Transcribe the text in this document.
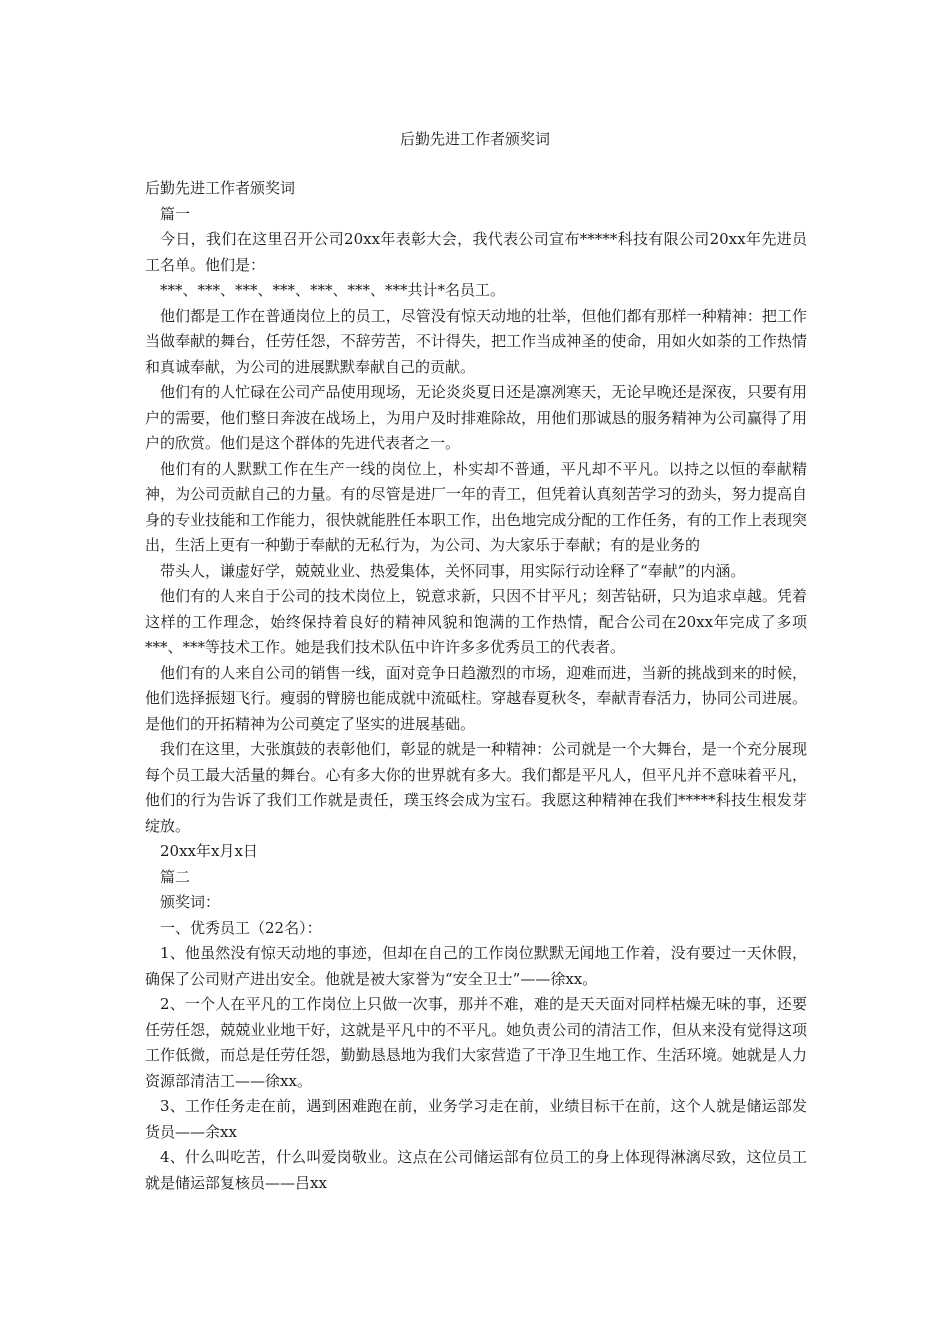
后勤先进工作者颁奖词

后勤先进工作者颁奖词

篇一

今日，我们在这里召开公司20xx年表彰大会，我代表公司宣布*****科技有限公司20xx年先进员工名单。他们是：

***、***、***、***、***、***、***共计*名员工。

他们都是工作在普通岗位上的员工，尽管没有惊天动地的壮举，但他们都有那样一种精神：把工作当做奉献的舞台，任劳任怨，不辞劳苦，不计得失，把工作当成神圣的使命，用如火如荼的工作热情和真诚奉献，为公司的进展默默奉献自己的贡献。

他们有的人忙碌在公司产品使用现场，无论炎炎夏日还是凛冽寒天，无论早晚还是深夜，只要有用户的需要，他们整日奔波在战场上，为用户及时排难除故，用他们那诚恳的服务精神为公司赢得了用户的欣赏。他们是这个群体的先进代表者之一。

他们有的人默默工作在生产一线的岗位上，朴实却不普通，平凡却不平凡。以持之以恒的奉献精神，为公司贡献自己的力量。有的尽管是进厂一年的青工，但凭着认真刻苦学习的劲头，努力提高自身的专业技能和工作能力，很快就能胜任本职工作，出色地完成分配的工作任务，有的工作上表现突出，生活上更有一种勤于奉献的无私行为，为公司、为大家乐于奉献；有的是业务的

带头人，谦虚好学，兢兢业业、热爱集体，关怀同事，用实际行动诠释了“奉献”的内涵。

他们有的人来自于公司的技术岗位上，锐意求新，只因不甘平凡；刻苦钻研，只为追求卓越。凭着这样的工作理念，始终保持着良好的精神风貌和饱满的工作热情，配合公司在20xx年完成了多项***、***等技术工作。她是我们技术队伍中许许多多优秀员工的代表者。

他们有的人来自公司的销售一线，面对竞争日趋激烈的市场，迎难而进，当新的挑战到来的时候，他们选择振翅飞行。瘦弱的臂膀也能成就中流砥柱。穿越春夏秋冬，奉献青春活力，协同公司进展。是他们的开拓精神为公司奠定了坚实的进展基础。

我们在这里，大张旗鼓的表彰他们，彰显的就是一种精神：公司就是一个大舞台，是一个充分展现每个员工最大活量的舞台。心有多大你的世界就有多大。我们都是平凡人，但平凡并不意味着平凡，他们的行为告诉了我们工作就是责任，璞玉终会成为宝石。我愿这种精神在我们*****科技生根发芽绽放。

20xx年x月x日

篇二

颁奖词：

一、优秀员工（22名）：

1、他虽然没有惊天动地的事迹，但却在自己的工作岗位默默无闻地工作着，没有要过一天休假，确保了公司财产进出安全。他就是被大家誉为“安全卫士”——徐xx。

2、一个人在平凡的工作岗位上只做一次事，那并不难，难的是天天面对同样枯燥无味的事，还要任劳任怨，兢兢业业地干好，这就是平凡中的不平凡。她负责公司的清洁工作，但从来没有觉得这项工作低微，而总是任劳任怨，勤勤恳恳地为我们大家营造了干净卫生地工作、生活环境。她就是人力资源部清洁工——徐xx。

3、工作任务走在前，遇到困难跑在前，业务学习走在前，业绩目标干在前，这个人就是储运部发货员——余xx

4、什么叫吃苦，什么叫爱岗敬业。这点在公司储运部有位员工的身上体现得淋漓尽致，这位员工就是储运部复核员——吕xx
